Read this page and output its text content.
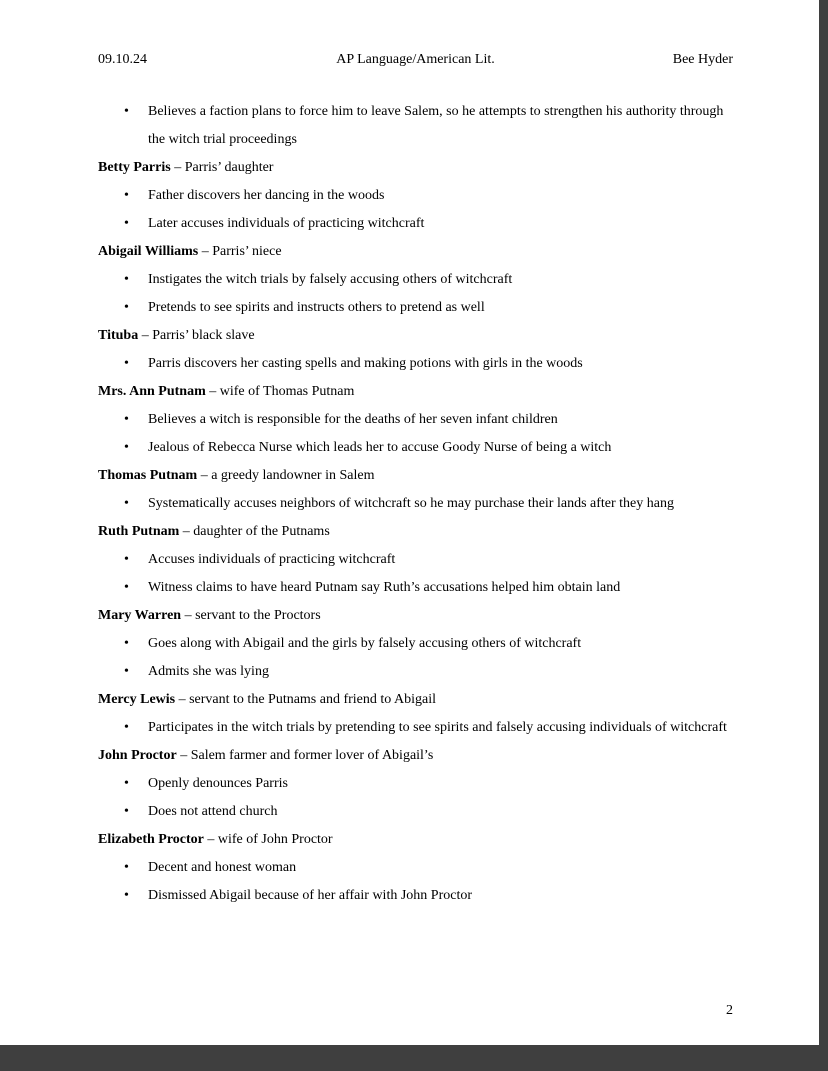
09.10.24	AP Language/American Lit.	Bee Hyder
• Believes a faction plans to force him to leave Salem, so he attempts to strengthen his authority through the witch trial proceedings

Betty Parris – Parris’ daughter

• Father discovers her dancing in the woods
• Later accuses individuals of practicing witchcraft

Abigail Williams – Parris’ niece

• Instigates the witch trials by falsely accusing others of witchcraft
• Pretends to see spirits and instructs others to pretend as well

Tituba – Parris’ black slave

• Parris discovers her casting spells and making potions with girls in the woods

Mrs. Ann Putnam – wife of Thomas Putnam

• Believes a witch is responsible for the deaths of her seven infant children
• Jealous of Rebecca Nurse which leads her to accuse Goody Nurse of being a witch

Thomas Putnam – a greedy landowner in Salem

• Systematically accuses neighbors of witchcraft so he may purchase their lands after they hang

Ruth Putnam – daughter of the Putnams

• Accuses individuals of practicing witchcraft
• Witness claims to have heard Putnam say Ruth’s accusations helped him obtain land

Mary Warren – servant to the Proctors

• Goes along with Abigail and the girls by falsely accusing others of witchcraft
• Admits she was lying

Mercy Lewis – servant to the Putnams and friend to Abigail

• Participates in the witch trials by pretending to see spirits and falsely accusing individuals of witchcraft

John Proctor – Salem farmer and former lover of Abigail’s

• Openly denounces Parris
• Does not attend church

Elizabeth Proctor – wife of John Proctor

• Decent and honest woman
• Dismissed Abigail because of her affair with John Proctor
2
